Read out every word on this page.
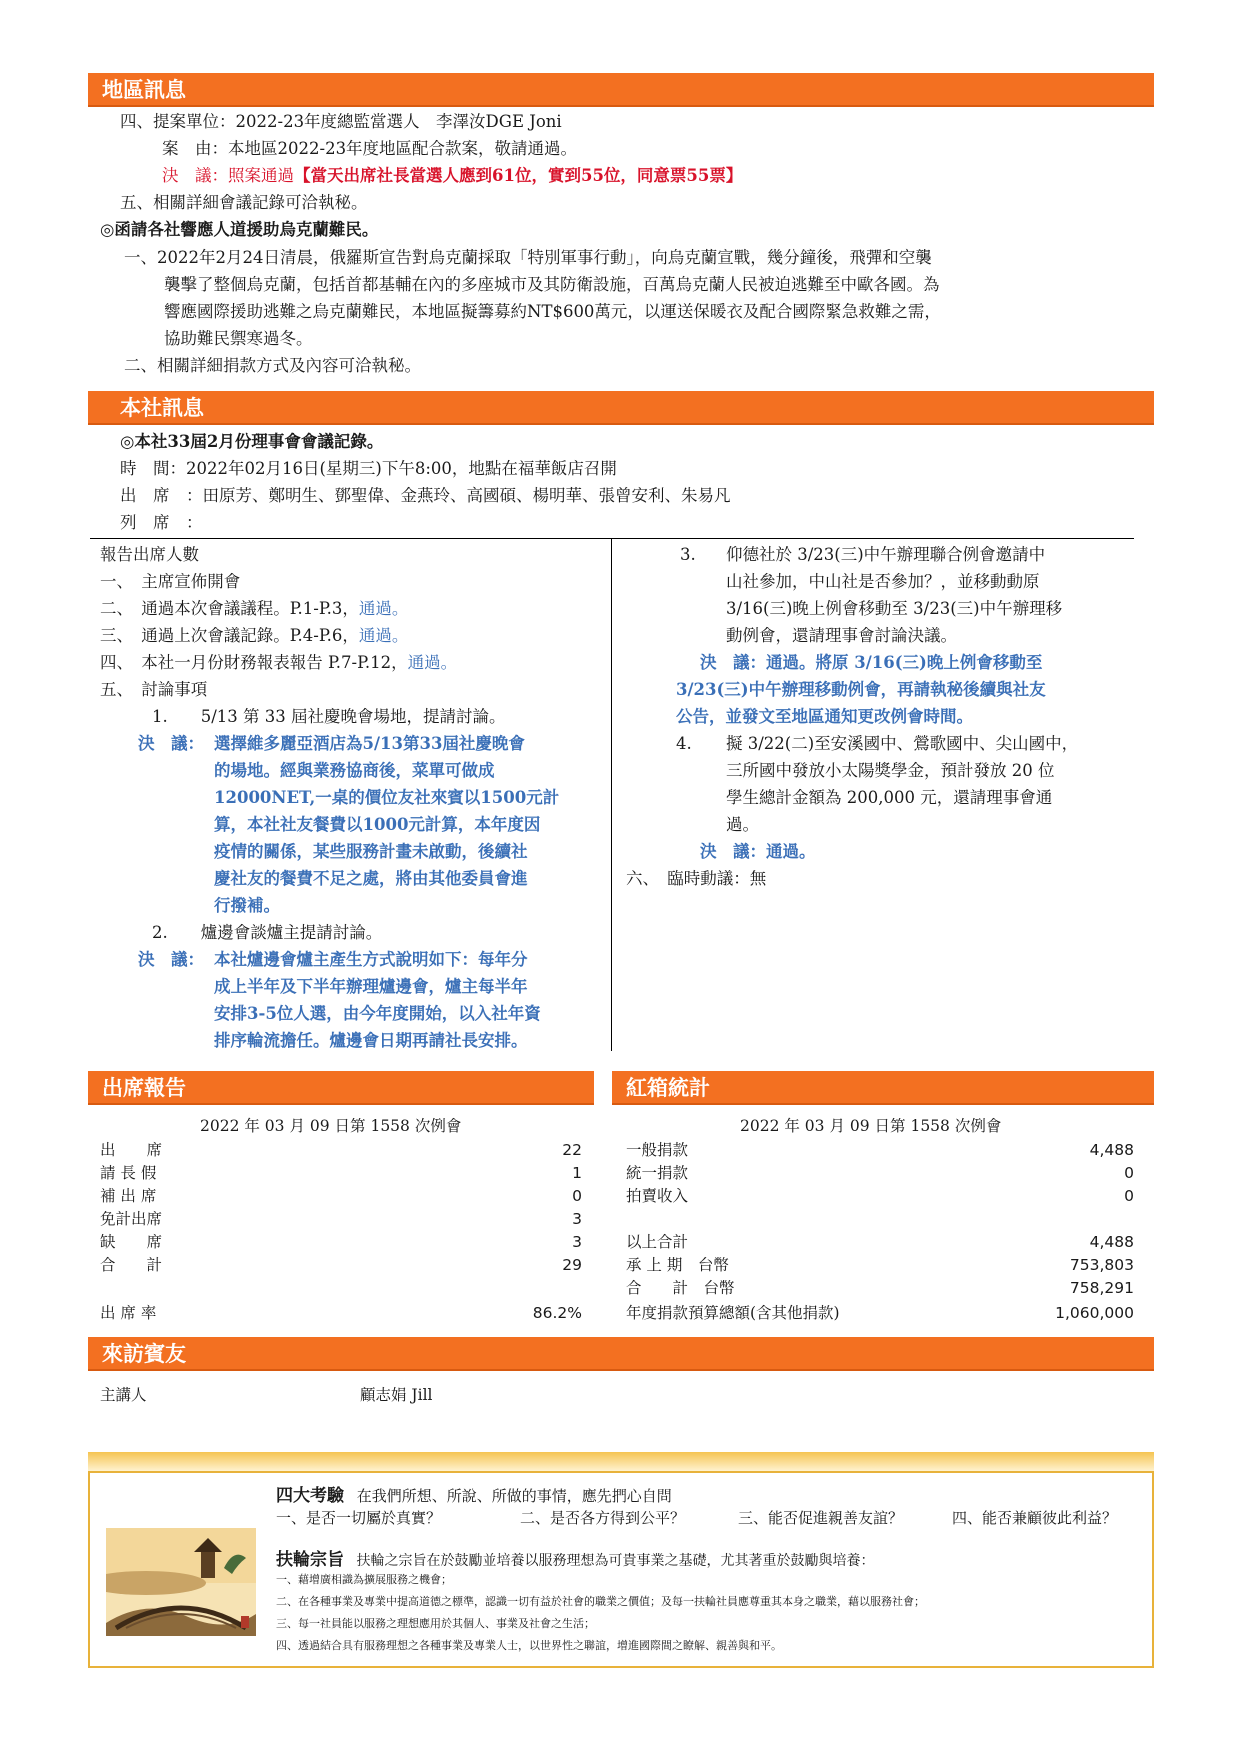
地區訊息
四、提案單位：2022-23年度總監當選人　李澤汝DGE Joni
案　由：本地區2022-23年度地區配合款案，敬請通過。
決　議：照案通過【當天出席社長當選人應到61位，實到55位，同意票55票】
五、相關詳細會議記錄可洽執秘。
◎函請各社響應人道援助烏克蘭難民。
一、2022年2月24日清晨，俄羅斯宣告對烏克蘭採取「特別軍事行動」，向烏克蘭宣戰，幾分鐘後，飛彈和空襲
襲擊了整個烏克蘭，包括首都基輔在內的多座城市及其防衛設施，百萬烏克蘭人民被迫逃難至中歐各國。為
響應國際援助逃難之烏克蘭難民，本地區擬籌募約NT$600萬元，以運送保暖衣及配合國際緊急救難之需，
協助難民禦寒過冬。
二、相關詳細捐款方式及內容可洽執秘。
本社訊息
◎本社33屆2月份理事會會議記錄。
時　間：2022年02月16日(星期三)下午8:00，地點在福華飯店召開
出　席　：田原芳、鄭明生、鄧聖偉、金燕玲、高國碩、楊明華、張曾安利、朱易凡
列　席　：
報告出席人數
一、　主席宣佈開會
二、　通過本次會議議程。P.1-P.3，通過。
三、　通過上次會議記錄。P.4-P.6，通過。
四、　本社一月份財務報表報告 P.7-P.12，通過。
五、　討論事項
1.　　5/13 第 33 屆社慶晚會場地，提請討論。
決　議： 選擇維多麗亞酒店為5/13第33屆社慶晚會
的場地。經與業務協商後，菜單可做成
12000NET,一桌的價位友社來賓以1500元計
算，本社社友餐費以1000元計算，本年度因
疫情的關係，某些服務計畫未啟動，後續社
慶社友的餐費不足之處，將由其他委員會進
行撥補。
2.　　爐邊會談爐主提請討論。
決　議： 本社爐邊會爐主產生方式說明如下：每年分
成上半年及下半年辦理爐邊會，爐主每半年
安排3-5位人選，由今年度開始，以入社年資
排序輪流擔任。爐邊會日期再請社長安排。
3. 仰德社於 3/23(三)中午辦理聯合例會邀請中
山社參加，中山社是否參加？，並移動動原
3/16(三)晚上例會移動至 3/23(三)中午辦理移
動例會，還請理事會討論決議。
決　議：通過。將原 3/16(三)晚上例會移動至
3/23(三)中午辦理移動例會，再請執秘後續與社友
公告，並發文至地區通知更改例會時間。
4. 擬 3/22(二)至安溪國中、鶯歌國中、尖山國中，
三所國中發放小太陽獎學金，預計發放 20 位
學生總計金額為 200,000 元，還請理事會通
過。
決　議：通過。
六、　臨時動議：無
出席報告
2022 年 03 月 09 日第 1558 次例會
出　　席	22
請 長 假	1
補 出 席	0
免計出席	3
缺　　席	3
合　　計	29
出 席 率	86.2%
紅箱統計
2022 年 03 月 09 日第 1558 次例會
一般捐款	4,488
統一捐款	0
拍賣收入	0
以上合計	4,488
承 上 期　台幣	753,803
合　　計　台幣	758,291
年度捐款預算總額(含其他捐款)	1,060,000
來訪賓友
主講人	顧志娟 Jill
四大考驗 在我們所想、所說、所做的事情，應先捫心自問
一、是否一切屬於真實？	二、是否各方得到公平？	三、能否促進親善友誼？	四、能否兼顧彼此利益？
扶輪宗旨 扶輪之宗旨在於鼓勵並培養以服務理想為可貴事業之基礎，尤其著重於鼓勵與培養：
一、藉增廣相識為擴展服務之機會；
二、在各種事業及專業中提高道德之標準，認識一切有益於社會的職業之價值；及每一扶輪社員應尊重其本身之職業，藉以服務社會；
三、每一社員能以服務之理想應用於其個人、事業及社會之生活；
四、透過結合具有服務理想之各種事業及專業人士，以世界性之聯誼，增進國際間之瞭解、親善與和平。
